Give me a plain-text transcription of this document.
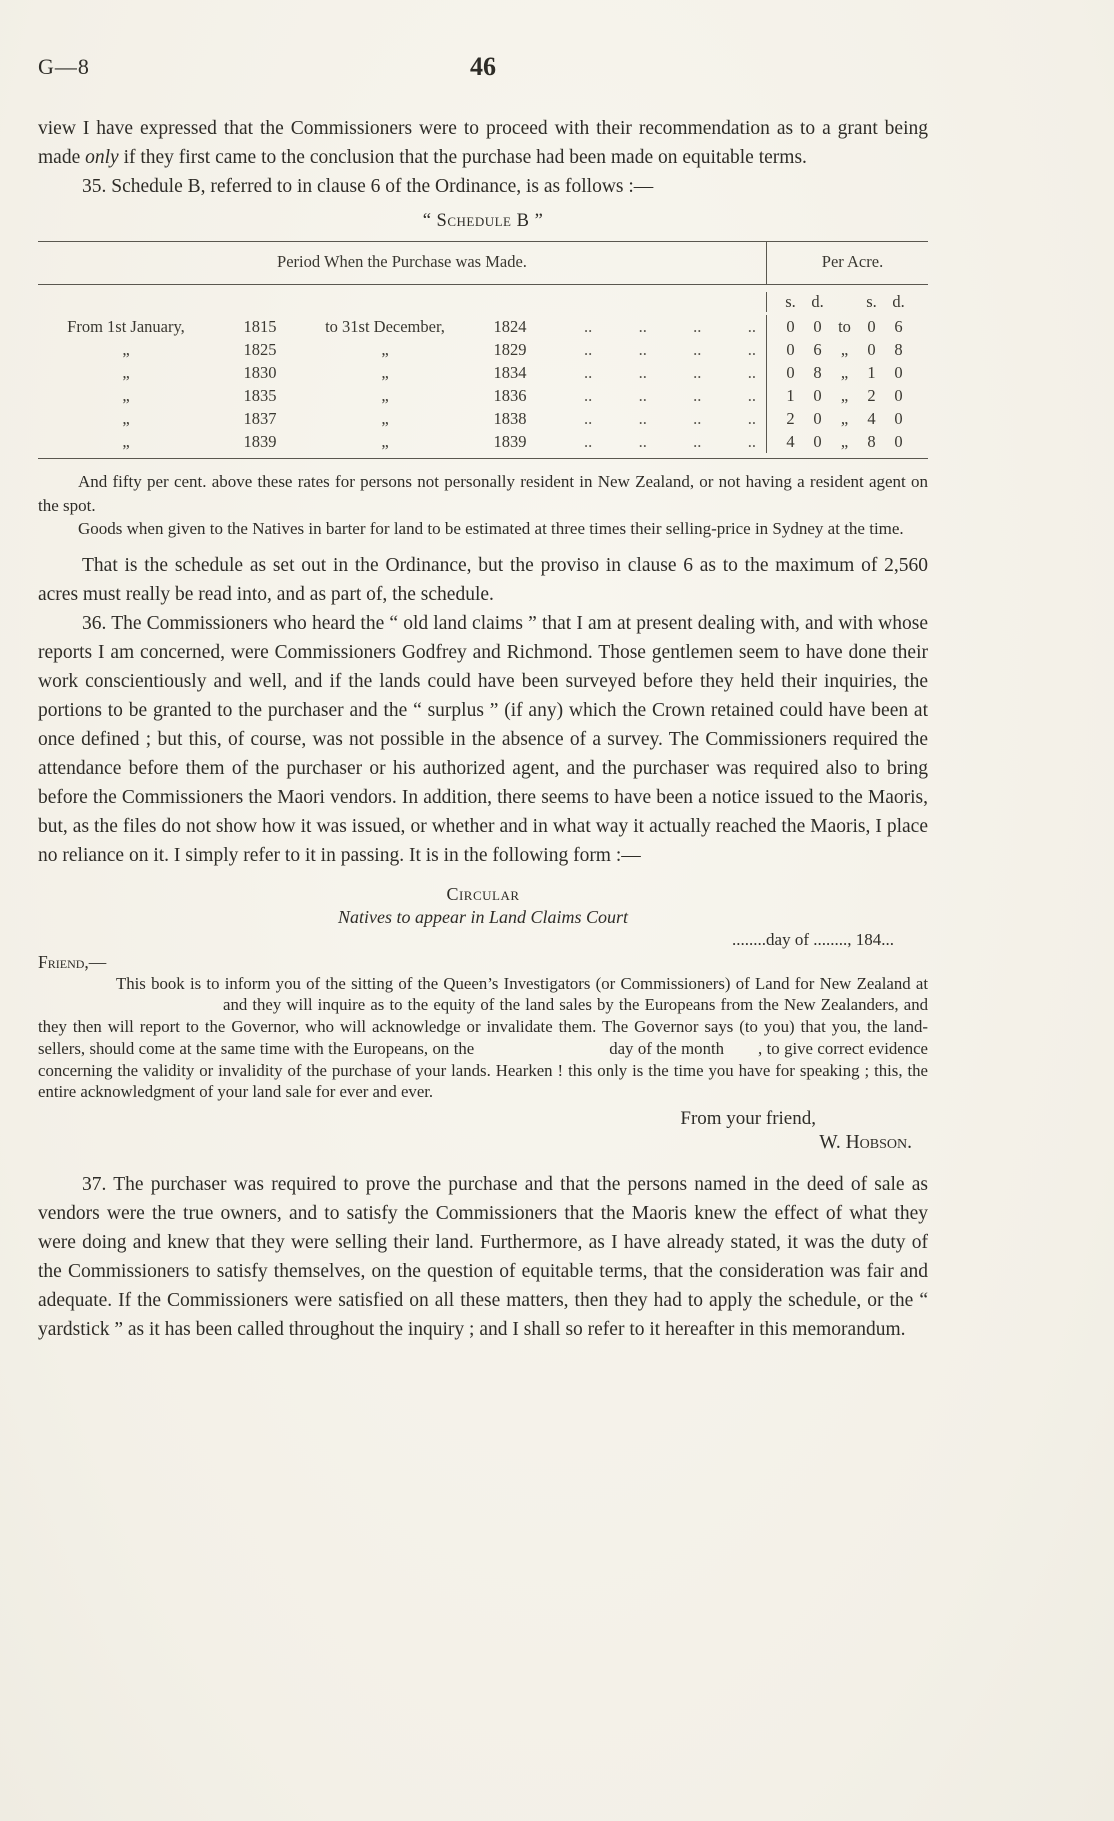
G—8	46

view I have expressed that the Commissioners were to proceed with their recommendation as to a grant being made only if they first came to the conclusion that the purchase had been made on equitable terms.

35. Schedule B, referred to in clause 6 of the Ordinance, is as follows :—

“ Schedule B ”
Period When the Purchase was Made.	Per Acre.
s. d.	s. d.
From 1st January,	1815	to 31st December,	1824	..	..	..	..	0 0 to 0 6
„	1825	„	1829	..	..	..	..	0 6 „ 0 8
„	1830	„	1834	..	..	..	..	0 8 „ 1 0
„	1835	„	1836	..	..	..	..	1 0 „ 2 0
„	1837	„	1838	..	..	..	..	2 0 „ 4 0
„	1839	„	1839	..	..	..	..	4 0 „ 8 0

And fifty per cent. above these rates for persons not personally resident in New Zealand, or not having a resident agent on the spot.

Goods when given to the Natives in barter for land to be estimated at three times their selling-price in Sydney at the time.

That is the schedule as set out in the Ordinance, but the proviso in clause 6 as to the maximum of 2,560 acres must really be read into, and as part of, the schedule.

36. The Commissioners who heard the “ old land claims ” that I am at present dealing with, and with whose reports I am concerned, were Commissioners Godfrey and Richmond. Those gentlemen seem to have done their work conscientiously and well, and if the lands could have been surveyed before they held their inquiries, the portions to be granted to the purchaser and the “ surplus ” (if any) which the Crown retained could have been at once defined ; but this, of course, was not possible in the absence of a survey. The Commissioners required the attendance before them of the purchaser or his authorized agent, and the purchaser was required also to bring before the Commissioners the Maori vendors. In addition, there seems to have been a notice issued to the Maoris, but, as the files do not show how it was issued, or whether and in what way it actually reached the Maoris, I place no reliance on it. I simply refer to it in passing. It is in the following form :—

Circular
Natives to appear in Land Claims Court
........day of ........, 184...

Friend,—

This book is to inform you of the sitting of the Queen’s Investigators (or Commissioners) of Land for New Zealand atand they will inquire as to the equity of the land sales by the Europeans from the New Zealanders, and they then will report to the Governor, who will acknowledge or invalidate them. The Governor says (to you) that you, the land-sellers, should come at the same time with the Europeans, on the	day of the month , to give correct evidence concerning the validity or invalidity of the purchase of your lands. Hearken ! this only is the time you have for speaking ; this, the entire acknowledgment of your land sale for ever and ever.

From your friend,
W. Hobson.

37. The purchaser was required to prove the purchase and that the persons named in the deed of sale as vendors were the true owners, and to satisfy the Commissioners that the Maoris knew the effect of what they were doing and knew that they were selling their land. Furthermore, as I have already stated, it was the duty of the Commissioners to satisfy themselves, on the question of equitable terms, that the consideration was fair and adequate. If the Commissioners were satisfied on all these matters, then they had to apply the schedule, or the “ yardstick ” as it has been called throughout the inquiry ; and I shall so refer to it hereafter in this memorandum.
